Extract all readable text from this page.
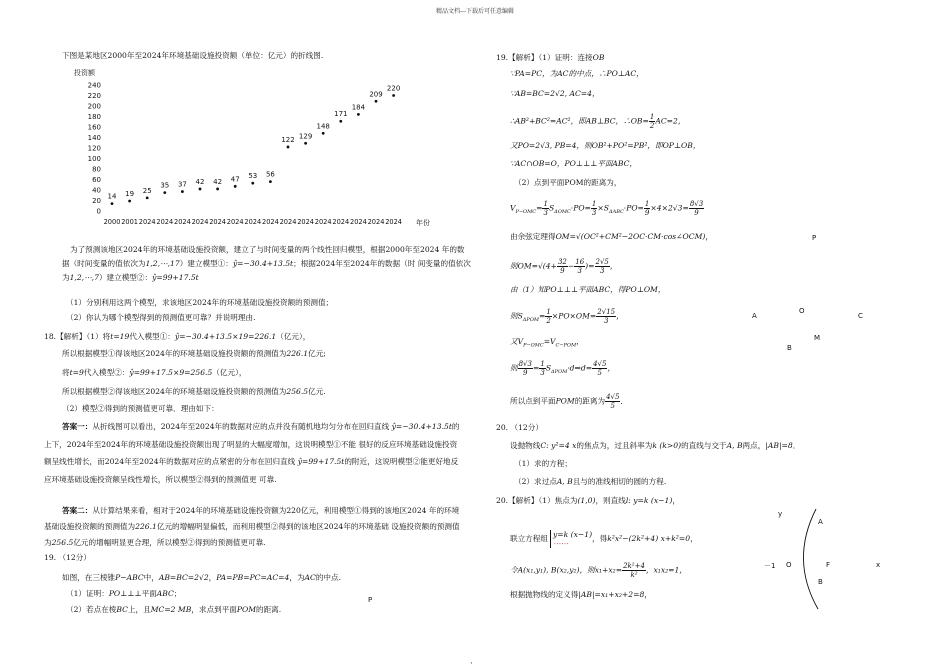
精品文档---下载后可任意编辑
下图是某地区2000年至2024年环境基础设施投资额（单位：亿元）的折线图.
投资额
0
20
40
60
80
100
120
140
160
180
200
220
240
14 19 25
35 37 42 42 47 53 56
122 129
148
171
184
209
220
2000 2001 2024 2024 2024 2024 2024 2024 2024 2024 2024 2024 2024 2024 2024 2024 2024 年份
为了预测该地区2024年的环境基础设施投资额，建立了与时间变量的两个线性回归模型，根据2000年至2024 年的数据（时间变量的值依次为1,2,⋯,17）建立模型①：ŷ=−30.4+13.5t；根据2024年至2024年的数据（时 间变量的值依次为1,2,⋯,7）建立模型②：ŷ=99+17.5t
（1）分别利用这两个模型，求该地区2024年的环境基础设施投资额的预测值；
（2）你认为哪个模型得到的预测值更可靠？并说明理由.
18.【解析】（1）将t=19代入模型①：ŷ=−30.4+13.5×19=226.1（亿元），
所以根据模型①得该地区2024年的环境基础设施投资额的预测值为226.1亿元;
将t=9代入模型②：ŷ=99+17.5×9=256.5（亿元），
所以根据模型②得该地区2024年的环境基础设施投资额的预测值为256.5亿元.
（2）模型②得到的预测值更可靠．理由如下：
答案一：从折线图可以看出，2024年至2024年的数据对应的点并没有随机地均匀分布在回归直线 ŷ=−30.4+13.5t的上下，2024年至2024年的环境基础设施投资额出现了明显的大幅度增加，这说明模型①不能 很好的反应环境基础设施投资额呈线性增长，而2024年至2024年的数据对应的点紧密的分布在回归直线 ŷ=99+17.5t的附近，这说明模型②能更好地反应环境基础设施投资额呈线性增长，所以模型②得到的预测值更 可靠.
答案二：从计算结果来看，相对于2024年的环境基础设施投资额为220亿元，利用模型①得到的该地区2024 年的环境基础设施投资额的预测值为226.1亿元的增幅明显偏低，而利用模型②得到的该地区2024年的环境基础 设施投资额的预测值为256.5亿元的增幅明显更合理，所以模型②得到的预测值更可靠.
19. （12分）
如图，在三棱锥P−ABC中，AB=BC=2√2，PA=PB=PC=AC=4，为AC的中点.
（1）证明：PO⊥⊥⊥平面ABC；
（2）若点在棱BC上，且MC=2 MB，求点到平面POM的距离.
P
19.【解析】（1）证明：连接OB
∵PA=PC，为AC的中点，∴PO⊥AC，
∵AB=BC=2√2, AC=4，
∴AB²+BC²=AC²，即AB⊥BC，∴OB= $\frac{1}{2} AC=2$，
又PO=2√3, PB=4，则OB²+PO²=PB²，即OP⊥OB，
∵AC∩OB=O，PO⊥⊥⊥平面ABC，
（2）点到平面POM的距离为，
$V_{P-OMC}= \frac{1}{3} S_{\Delta OMC}\cdot PO= \frac{1}{3} \times S_{\Delta ABC}\cdot PO= \frac{1}{9} \times 4\times 2√3= \frac{8√3}{9}$
由余弦定理得OM=√(OC²+CM²−2OC·CM·cos∠OCM)，
则$OM=√(4+ \frac{32}{9} - \frac{16}{3}$ )= $\frac{2√5}{3}$ ，
由（1）知PO⊥⊥⊥平面ABC，得PO⊥OM，
则$S_{\Delta POM}= \frac{1}{2} \times PO\times OM= \frac{2√15}{3}$ ，
又$V_{P-OMC}=V_{C-POM}$，
则 $\frac{8√3}{9} = \frac{1}{3}$ $S_{\Delta POM}\cdot d\Rightarrow d= \frac{4√5}{5}$ ，
所以点到平面POM的距离为 $\frac{4√5}{5}$ ．
20. （12分）
设抛物线C: y²=4 x的焦点为，过且斜率为k (k>0)的直线与交于A, B两点，|AB|=8．
（1）求的方程；
（2）求过点A, B且与的准线相切的圆的方程.
20.【解析】（1）焦点为(1,0)，则直线l: y=k (x−1)，
联立方程组 y=k (x−1)
⋯⋯
，得k²x²−(2k²+4) x+k²=0，
令A(x₁,y₁), B(x₂,y₂)，则$x_1+x_2= \frac{\text{2k²+4}}{\text{k²}}$ ，x₁x₂=1，
根据抛物线的定义得|AB|=x₁+x₂+2=8，
P
A
O
C
M
B
y
A
－1 O	F	x
B
·
